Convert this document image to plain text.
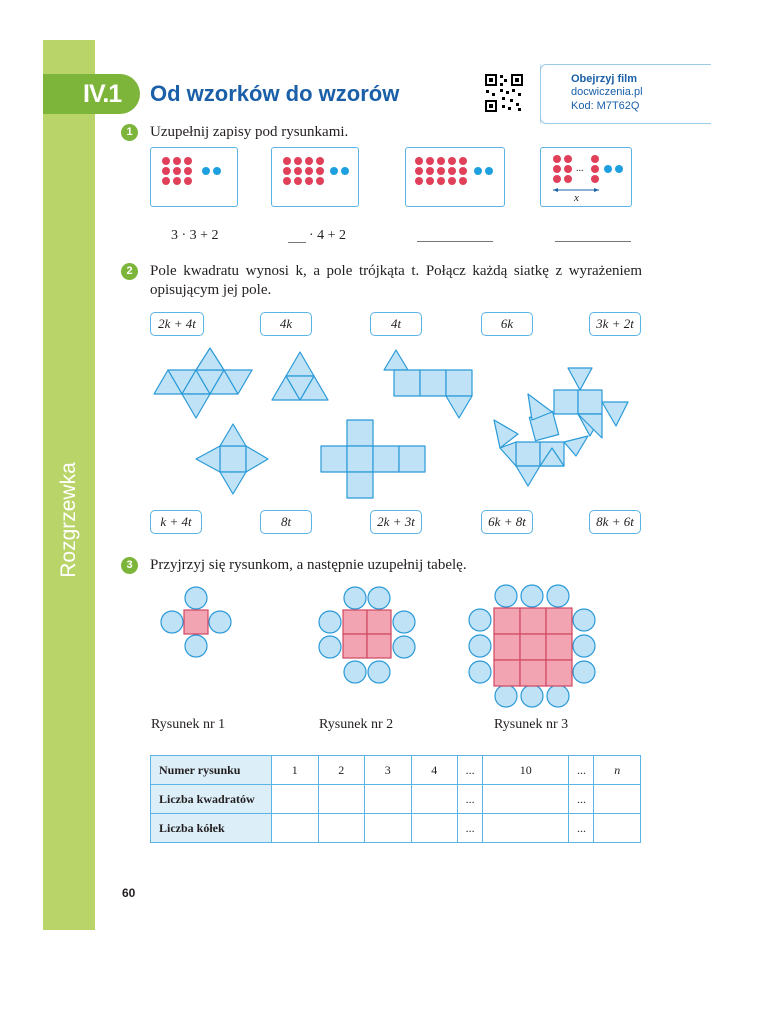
Rozgrzewka
IV.1 Od wzorków do wzorów
Obejrzyj film
docwiczenia.pl
Kod: M7T62Q
1	Uzupełnij zapisy pod rysunkami.
...
x
3 · 3 + 2	· 4 + 2
2	Pole kwadratu wynosi k, a pole trójkąta t. Połącz każdą siatkę z wyrażeniem opisującym jej pole.
2k + 4t	4k	4t	6k	3k + 2t
k + 4t	8t	2k + 3t	6k + 8t	8k + 6t
3	Przyjrzyj się rysunkom, a następnie uzupełnij tabelę.
Rysunek nr 1	Rysunek nr 2	Rysunek nr 3
Numer rysunku	1	2	3	4	...	10	...	n
Liczba kwadratów					...		...	
Liczba kółek					...		...	
60
